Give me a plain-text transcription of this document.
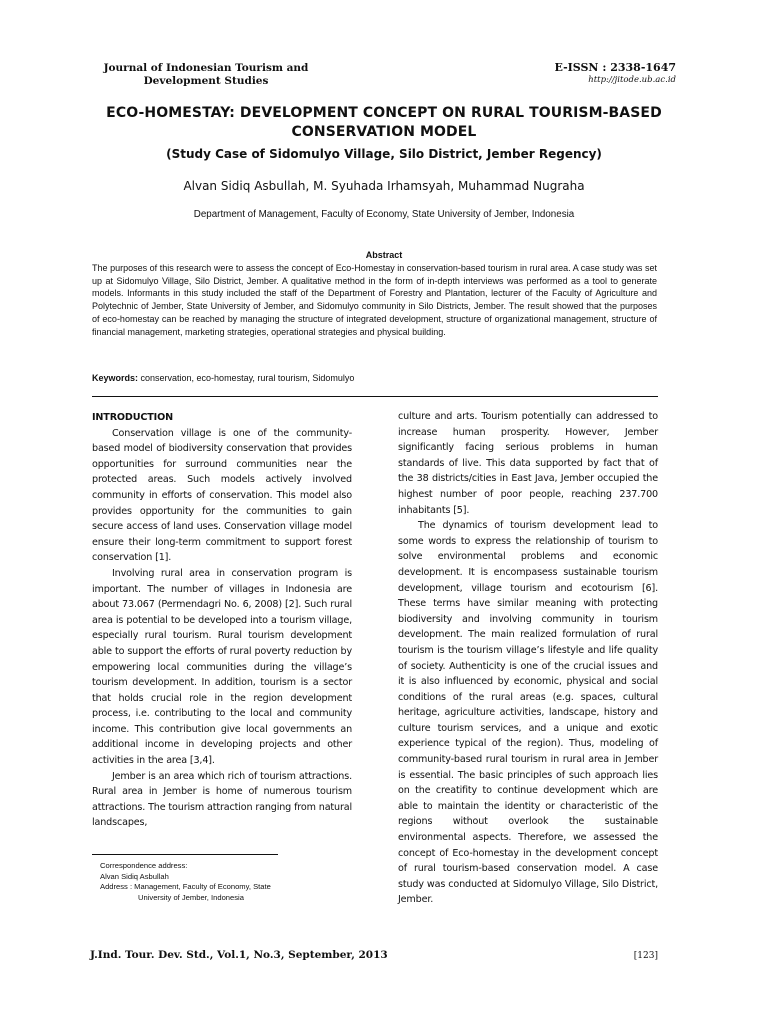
Journal of Indonesian Tourism and
Development Studies
E-ISSN : 2338-1647
http://jitode.ub.ac.id
ECO-HOMESTAY: DEVELOPMENT CONCEPT ON RURAL TOURISM-BASED
CONSERVATION MODEL
(Study Case of Sidomulyo Village, Silo District, Jember Regency)
Alvan Sidiq Asbullah, M. Syuhada Irhamsyah, Muhammad Nugraha
Department of Management, Faculty of Economy, State University of Jember, Indonesia
Abstract
The purposes of this research were to assess the concept of Eco-Homestay in conservation-based tourism in rural area. A case study was set up at Sidomulyo Village, Silo District, Jember. A qualitative method in the form of in-depth interviews was performed as a tool to generate models. Informants in this study included the staff of the Department of Forestry and Plantation, lecturer of the Faculty of Agriculture and Polytechnic of Jember, State University of Jember, and Sidomulyo community in Silo Districts, Jember. The result showed that the purposes of eco-homestay can be reached by managing the structure of integrated development, structure of organizational management, structure of financial management, marketing strategies, operational strategies and physical building.
Keywords: conservation, eco-homestay, rural tourism, Sidomulyo
INTRODUCTION

Conservation village is one of the community-based model of biodiversity conservation that provides opportunities for surround communities near the protected areas. Such models actively involved community in efforts of conservation. This model also provides opportunity for the communities to gain secure access of land uses. Conservation village model ensure their long-term commitment to support forest conservation [1].

Involving rural area in conservation program is important. The number of villages in Indonesia are about 73.067 (Permendagri No. 6, 2008) [2]. Such rural area is potential to be developed into a tourism village, especially rural tourism. Rural tourism development able to support the efforts of rural poverty reduction by empowering local communities during the village’s tourism development. In addition, tourism is a sector that holds crucial role in the region development process, i.e. contributing to the local and community income. This contribution give local governments an additional income in developing projects and other activities in the area [3,4].

Jember is an area which rich of tourism attractions. Rural area in Jember is home of numerous tourism attractions. The tourism attraction ranging from natural landscapes,

culture and arts. Tourism potentially can addressed to increase human prosperity. However, Jember significantly facing serious problems in human standards of live. This data supported by fact that of the 38 districts/cities in East Java, Jember occupied the highest number of poor people, reaching 237.700 inhabitants [5].

The dynamics of tourism development lead to some words to express the relationship of tourism to solve environmental problems and economic development. It is encompasess sustainable tourism development, village tourism and ecotourism [6]. These terms have similar meaning with protecting biodiversity and involving community in tourism development. The main realized formulation of rural tourism is the tourism village’s lifestyle and life quality of society. Authenticity is one of the crucial issues and it is also influenced by economic, physical and social conditions of the rural areas (e.g. spaces, cultural heritage, agriculture activities, landscape, history and culture tourism services, and a unique and exotic experience typical of the region). Thus, modeling of community-based rural tourism in rural area in Jember is essential. The basic principles of such approach lies on the creatifity to continue development which are able to maintain the identity or characteristic of the regions without overlook the sustainable environmental aspects. Therefore, we assessed the concept of Eco-homestay in the development concept of rural tourism-based conservation model. A case study was conducted at Sidomulyo Village, Silo District, Jember.

Correspondence address:
Alvan Sidiq Asbullah
Address : Management, Faculty of Economy, State
University of Jember, Indonesia
J.Ind. Tour. Dev. Std., Vol.1, No.3, September, 2013	[123]
